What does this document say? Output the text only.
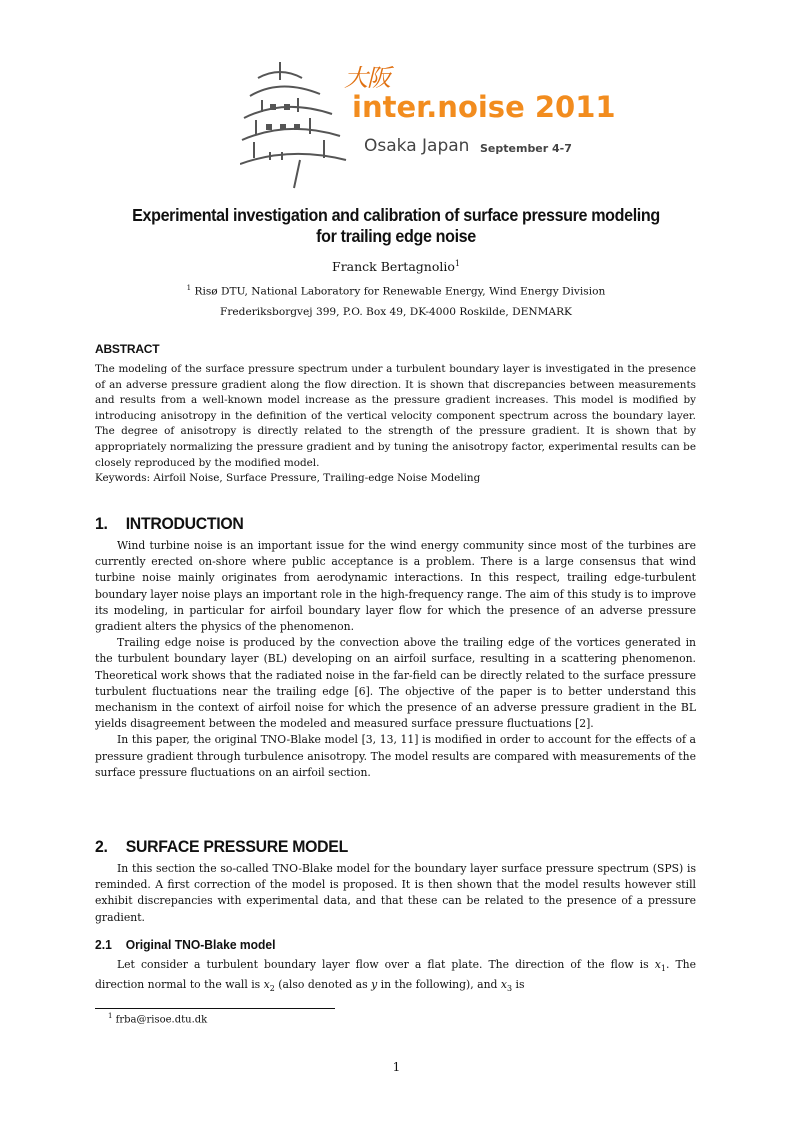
大阪
inter.noise 2011
Osaka Japan September 4-7
Experimental investigation and calibration of surface pressure modeling
for trailing edge noise
Franck Bertagnolio$^1$
$^1$ Risø DTU, National Laboratory for Renewable Energy, Wind Energy Division
Frederiksborgvej 399, P.O. Box 49, DK-4000 Roskilde, DENMARK
ABSTRACT
The modeling of the surface pressure spectrum under a turbulent boundary layer is investigated in the presence of an adverse pressure gradient along the flow direction. It is shown that discrepancies between measurements and results from a well-known model increase as the pressure gradient increases. This model is modified by introducing anisotropy in the definition of the vertical velocity component spectrum across the boundary layer. The degree of anisotropy is directly related to the strength of the pressure gradient. It is shown that by appropriately normalizing the pressure gradient and by tuning the anisotropy factor, experimental results can be closely reproduced by the modified model.
Keywords: Airfoil Noise, Surface Pressure, Trailing-edge Noise Modeling
1. INTRODUCTION
Wind turbine noise is an important issue for the wind energy community since most of the turbines are currently erected on-shore where public acceptance is a problem. There is a large consensus that wind turbine noise mainly originates from aerodynamic interactions. In this respect, trailing edge-turbulent boundary layer noise plays an important role in the high-frequency range. The aim of this study is to improve its modeling, in particular for airfoil boundary layer flow for which the presence of an adverse pressure gradient alters the physics of the phenomenon.
Trailing edge noise is produced by the convection above the trailing edge of the vortices generated in the turbulent boundary layer (BL) developing on an airfoil surface, resulting in a scattering phenomenon. Theoretical work shows that the radiated noise in the far-field can be directly related to the surface pressure turbulent fluctuations near the trailing edge [6]. The objective of the paper is to better understand this mechanism in the context of airfoil noise for which the presence of an adverse pressure gradient in the BL yields disagreement between the modeled and measured surface pressure fluctuations [2].
In this paper, the original TNO-Blake model [3, 13, 11] is modified in order to account for the effects of a pressure gradient through turbulence anisotropy. The model results are compared with measurements of the surface pressure fluctuations on an airfoil section.
2. SURFACE PRESSURE MODEL
In this section the so-called TNO-Blake model for the boundary layer surface pressure spectrum (SPS) is reminded. A first correction of the model is proposed. It is then shown that the model results however still exhibit discrepancies with experimental data, and that these can be related to the presence of a pressure gradient.
2.1 Original TNO-Blake model
Let consider a turbulent boundary layer flow over a flat plate. The direction of the flow is $x_1$. The direction normal to the wall is $x_2$ (also denoted as y in the following), and $x_3$ is
$^1$ frba@risoe.dtu.dk
1
